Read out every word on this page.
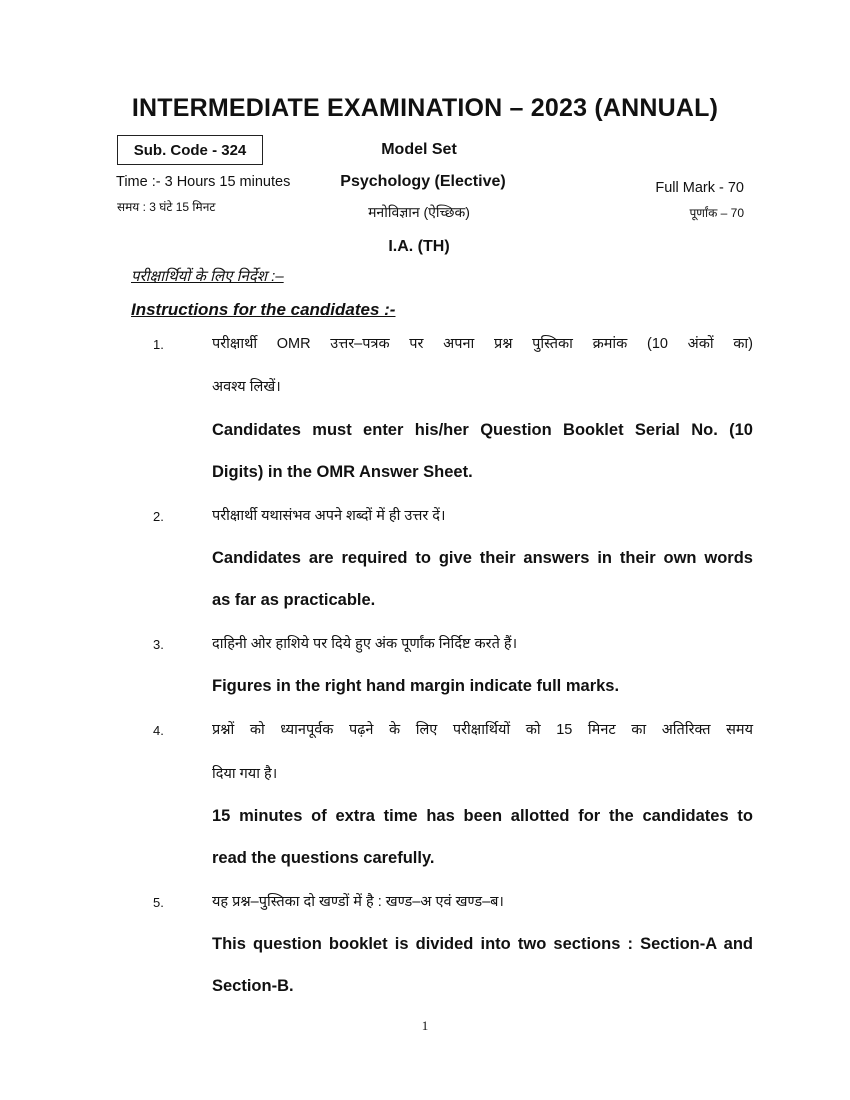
INTERMEDIATE EXAMINATION – 2023 (ANNUAL)
Sub. Code - 324	Model Set
Psychology (Elective)
मनोविज्ञान (ऐच्छिक)
I.A. (TH)
Time :- 3 Hours 15 minutes
समय : 3 घंटे 15 मिनट
Full Mark - 70
पूर्णांक – 70
परीक्षार्थियों के लिए निर्देश :–
Instructions for the candidates :-
1.	परीक्षार्थी OMR उत्तर–पत्रक पर अपना प्रश्न पुस्तिका क्रमांक (10 अंकों का)
अवश्य लिखें।
Candidates must enter his/her Question Booklet Serial No. (10
Digits) in the OMR Answer Sheet.
2.	परीक्षार्थी यथासंभव अपने शब्दों में ही उत्तर दें।
Candidates are required to give their answers in their own words
as far as practicable.
3.	दाहिनी ओर हाशिये पर दिये हुए अंक पूर्णांक निर्दिष्ट करते हैं।
Figures in the right hand margin indicate full marks.
4.	प्रश्नों को ध्यानपूर्वक पढ़ने के लिए परीक्षार्थियों को 15 मिनट का अतिरिक्त समय
दिया गया है।
15 minutes of extra time has been allotted for the candidates to
read the questions carefully.
5.	यह प्रश्न–पुस्तिका दो खण्डों में है : खण्ड–अ एवं खण्ड–ब।
This question booklet is divided into two sections : Section-A and
Section-B.
1
